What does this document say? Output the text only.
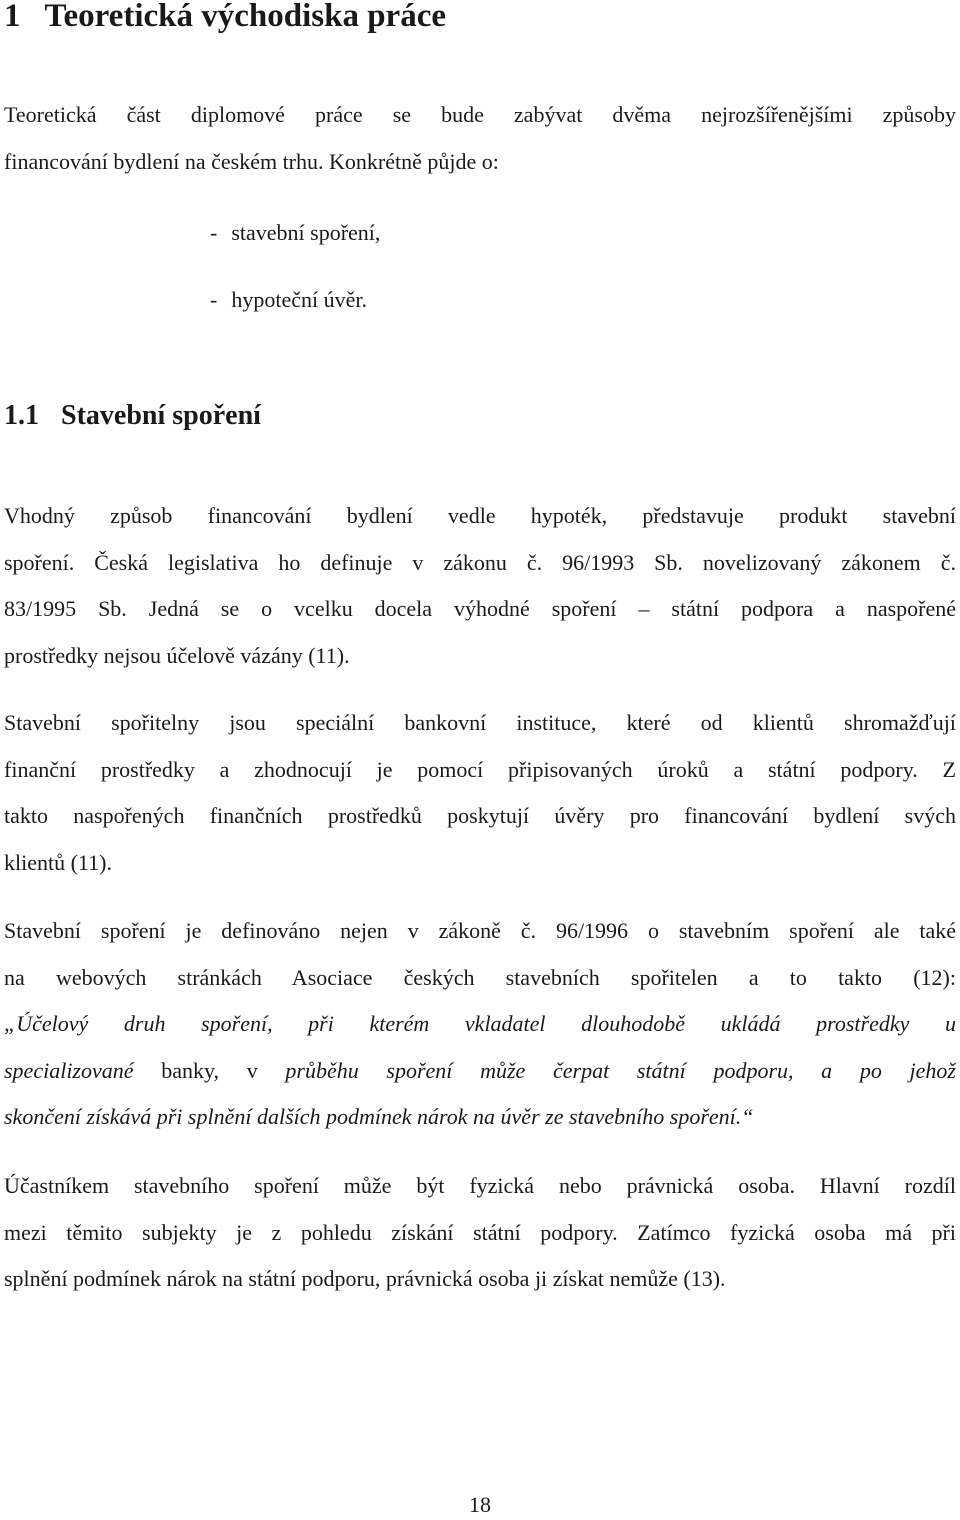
1 Teoretická východiska práce
Teoretická část diplomové práce se bude zabývat dvěma nejrozšířenějšími způsoby
financování bydlení na českém trhu. Konkrétně půjde o:
- stavební spoření,
- hypoteční úvěr.
1.1 Stavební spoření
Vhodný způsob financování bydlení vedle hypoték, představuje produkt stavební
spoření. Česká legislativa ho definuje v zákonu č. 96/1993 Sb. novelizovaný zákonem č.
83/1995 Sb. Jedná se o vcelku docela výhodné spoření – státní podpora a naspořené
prostředky nejsou účelově vázány (11).
Stavební spořitelny jsou speciální bankovní instituce, které od klientů shromažďují
finanční prostředky a zhodnocují je pomocí připisovaných úroků a státní podpory. Z
takto naspořených finančních prostředků poskytují úvěry pro financování bydlení svých
klientů (11).
Stavební spoření je definováno nejen v zákoně č. 96/1996 o stavebním spoření ale také
na webových stránkách Asociace českých stavebních spořitelen a to takto (12):
„Účelový druh spoření, při kterém vkladatel dlouhodobě ukládá prostředky u
specializované banky, v průběhu spoření může čerpat státní podporu, a po jehož
skončení získává při splnění dalších podmínek nárok na úvěr ze stavebního spoření.“
Účastníkem stavebního spoření může být fyzická nebo právnická osoba. Hlavní rozdíl
mezi těmito subjekty je z pohledu získání státní podpory. Zatímco fyzická osoba má při
splnění podmínek nárok na státní podporu, právnická osoba ji získat nemůže (13).
18
